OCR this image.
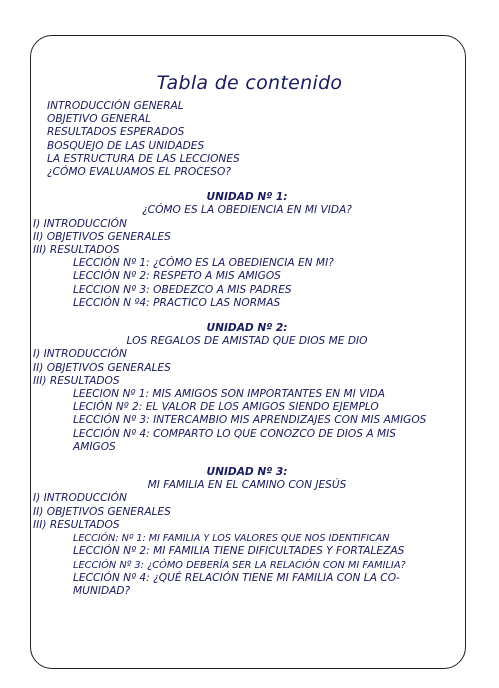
Tabla de contenido
INTRODUCCIÓN GENERAL
OBJETIVO GENERAL
RESULTADOS ESPERADOS
BOSQUEJO DE LAS UNIDADES
LA ESTRUCTURA DE LAS LECCIONES
¿CÓMO EVALUAMOS EL PROCESO?
UNIDAD Nº 1:
¿CÓMO ES LA OBEDIENCIA EN MI VIDA?
I) INTRODUCCIÓN
II) OBJETIVOS GENERALES
III) RESULTADOS
LECCIÓN Nº 1: ¿CÓMO ES LA OBEDIENCIA EN MI?
LECCIÓN Nº 2: RESPETO A MIS AMIGOS
LECCION Nº 3: OBEDEZCO A MIS PADRES
LECCIÓN N º4: PRACTICO LAS NORMAS
UNIDAD Nº 2:
LOS REGALOS DE AMISTAD QUE DIOS ME DIO
I) INTRODUCCIÓN
II) OBJETIVOS GENERALES
III) RESULTADOS
LEECION Nº 1: MIS AMIGOS SON IMPORTANTES EN MI VIDA
LECIÓN Nº 2: EL VALOR DE LOS AMIGOS SIENDO EJEMPLO
LECCIÓN Nº 3: INTERCAMBIO MIS APRENDIZAJES CON MIS AMIGOS
LECCIÓN Nº 4: COMPARTO LO QUE CONOZCO DE DIOS A MIS AMIGOS
UNIDAD Nº 3:
MI FAMILIA EN EL CAMINO CON JESÚS
I) INTRODUCCIÓN
II) OBJETIVOS GENERALES
III) RESULTADOS
LECCIÓN: Nº 1: MI FAMILIA Y LOS VALORES QUE NOS IDENTIFICAN
LECCIÓN Nº 2: MI FAMILIA TIENE DIFICULTADES Y FORTALEZAS
LECCIÓN Nº 3: ¿CÓMO DEBERÍA SER LA RELACIÓN CON MI FAMILIA?
LECCIÓN Nº 4: ¿QUÉ RELACIÓN TIENE MI FAMILIA CON LA CO-MUNIDAD?
